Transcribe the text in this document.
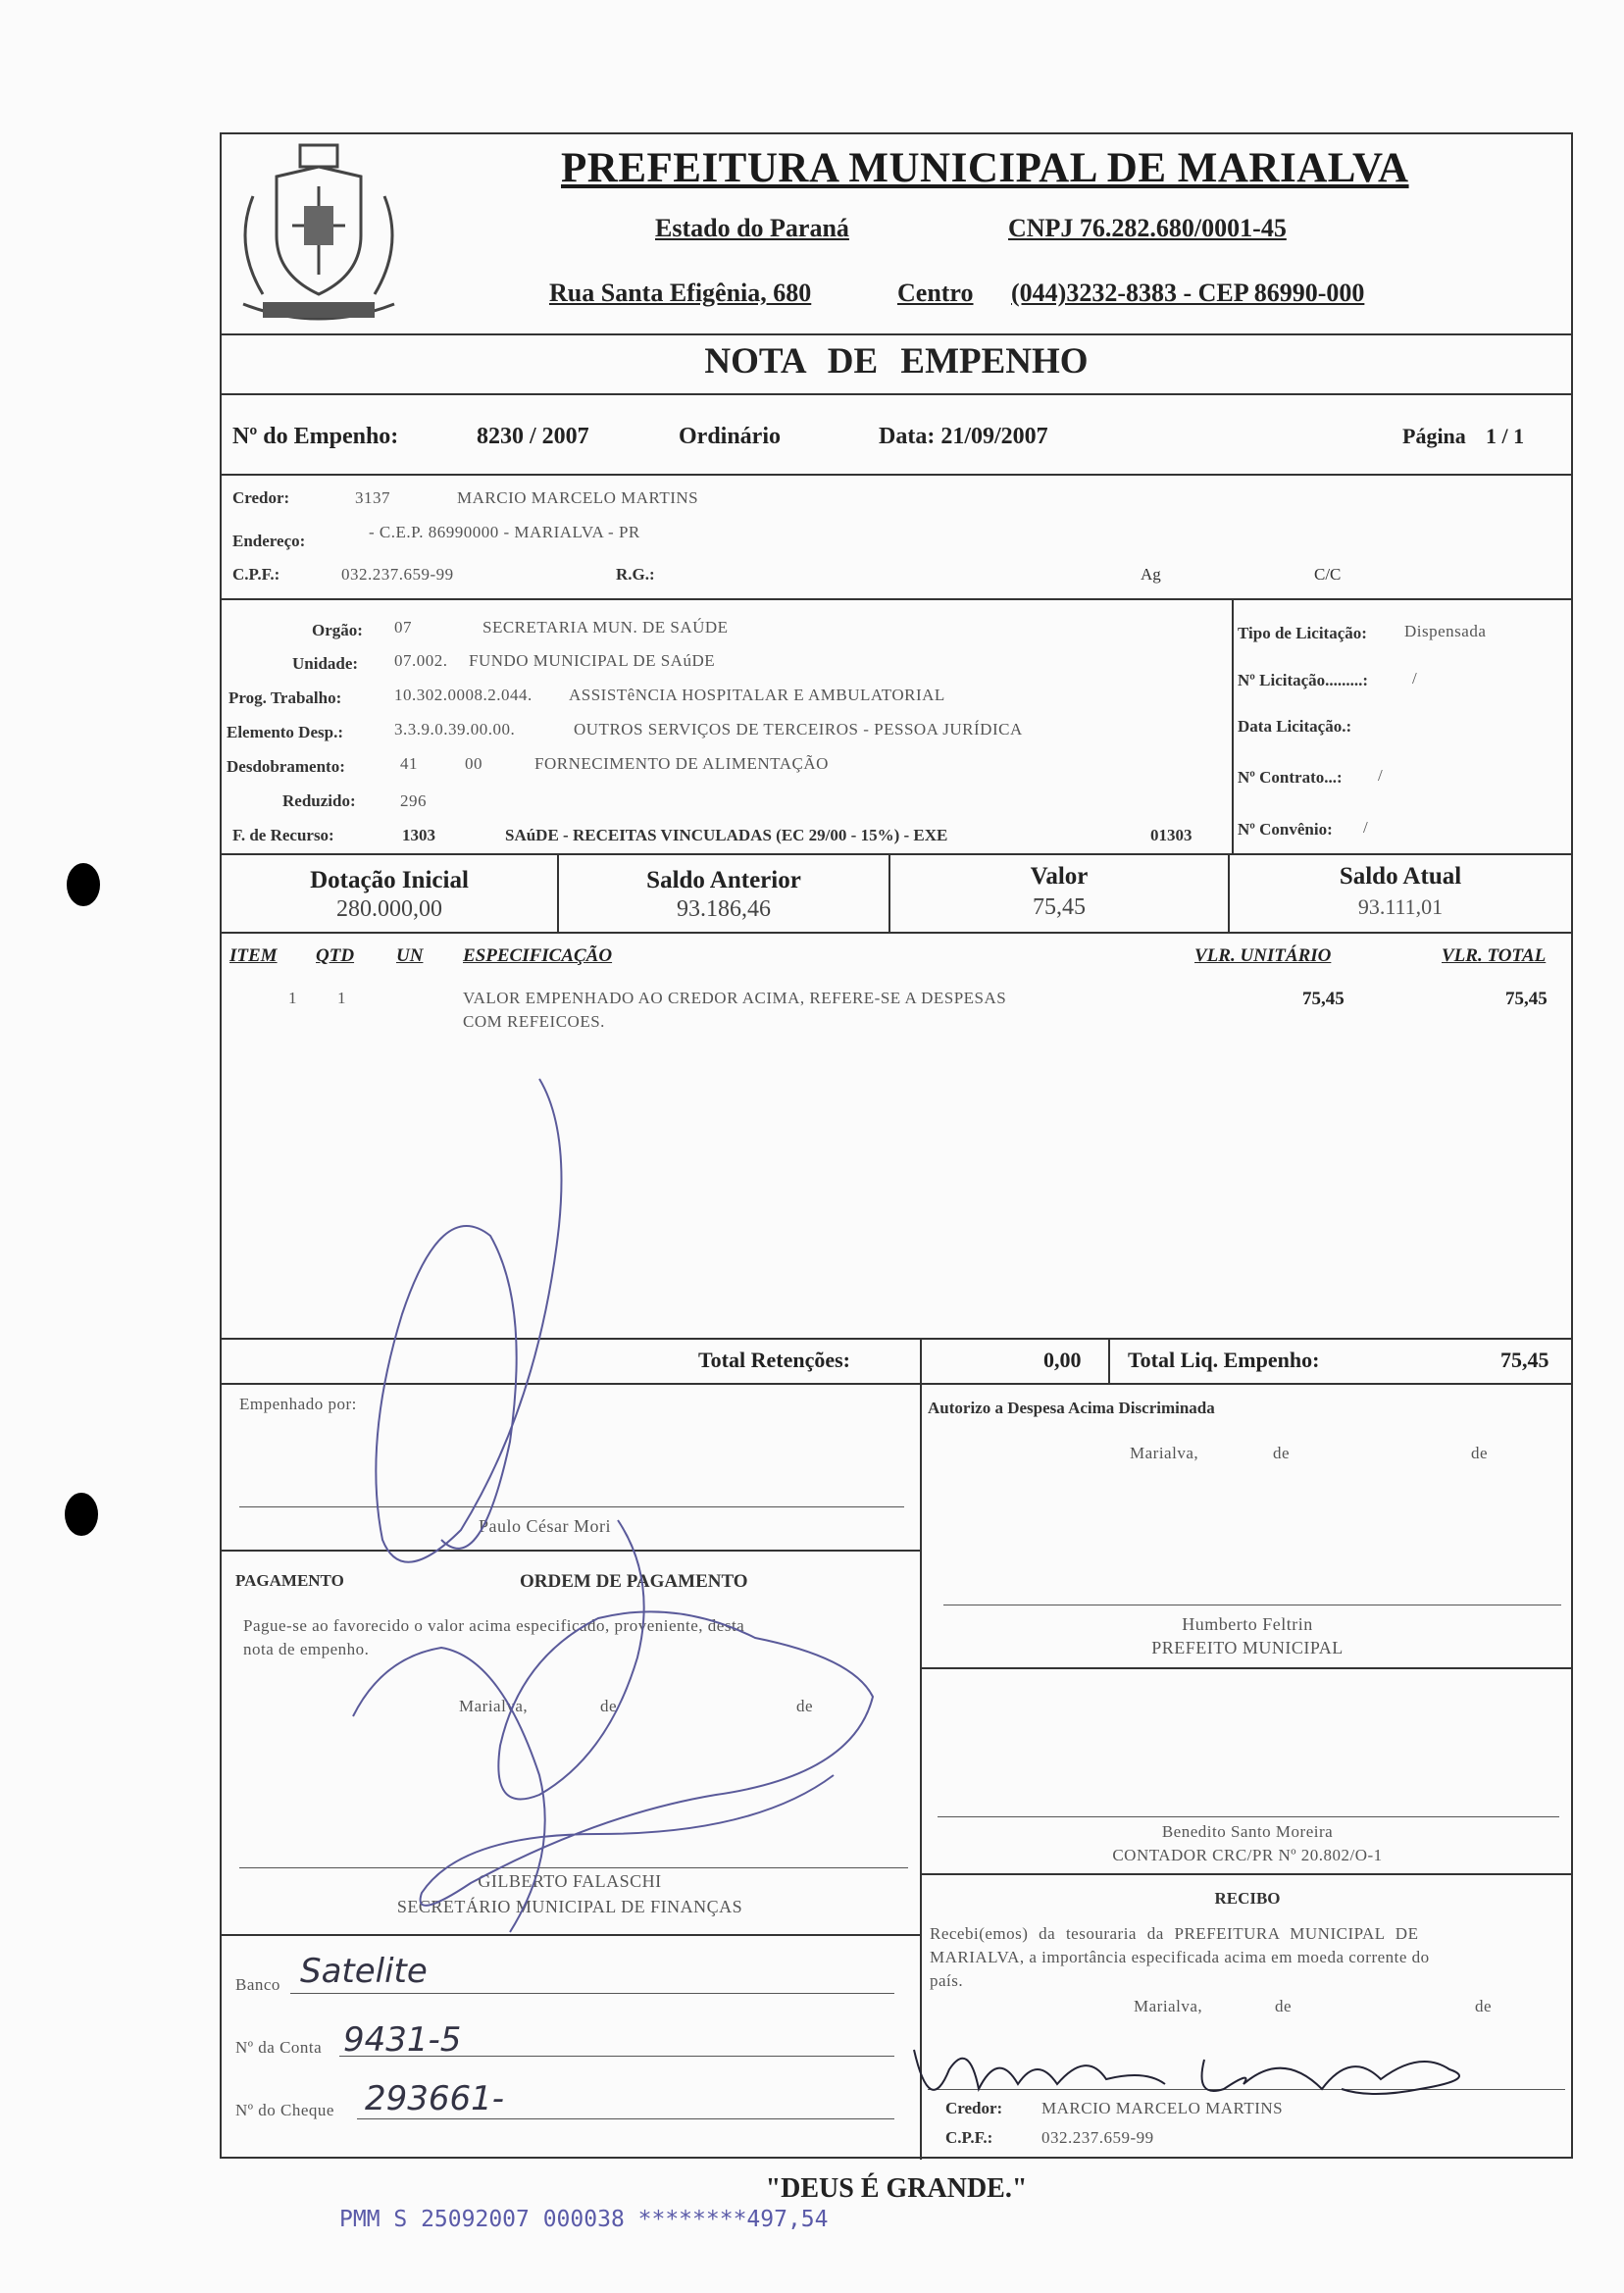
PREFEITURA MUNICIPAL DE MARIALVA
Estado do Paraná	CNPJ 76.282.680/0001-45
Rua Santa Efigênia, 680	Centro (044)3232-8383 - CEP 86990-000
NOTA DE EMPENHO
Nº do Empenho:	8230 / 2007	Ordinário	Data: 21/09/2007	Página 1 / 1
Credor:	3137	MARCIO MARCELO MARTINS
Endereço:	- C.E.P. 86990000 - MARIALVA - PR
C.P.F.:	032.237.659-99	R.G.:	Ag	C/C
Orgão: 07	SECRETARIA MUN. DE SAÚDE
Unidade: 07.002. FUNDO MUNICIPAL DE SAúDE
Prog. Trabalho:	10.302.0008.2.044. ASSISTêNCIA HOSPITALAR E AMBULATORIAL
Elemento Desp.:	3.3.9.0.39.00.00.	OUTROS SERVIÇOS DE TERCEIROS - PESSOA JURÍDICA
Desdobramento:	41	00	FORNECIMENTO DE ALIMENTAÇÃO
Reduzido:	296
F. de Recurso:	1303	SAúDE - RECEITAS VINCULADAS (EC 29/00 - 15%) - EXE	01303
Tipo de Licitação: Dispensada
Nº Licitação.........:	/
Data Licitação.:
Nº Contrato...: /
Nº Convênio: /
Dotação Inicial
280.000,00
Saldo Anterior
93.186,46
Valor
75,45
Saldo Atual
93.111,01
ITEM QTD UN ESPECIFICAÇÃO	VLR. UNITÁRIO	VLR. TOTAL
1 1	VALOR EMPENHADO AO CREDOR ACIMA, REFERE-SE A DESPESAS
COM REFEICOES.
75,45	75,45
Total Retenções:	0,00 Total Liq. Empenho:	75,45
Empenhado por:
Paulo César Mori
PAGAMENTO	ORDEM DE PAGAMENTO
Pague-se ao favorecido o valor acima especificado, proveniente, desta
nota de empenho.
Marialva,	de	de
GILBERTO FALASCHI
SECRETÁRIO MUNICIPAL DE FINANÇAS
Banco Satelite
Nº da Conta 9431-5
Nº do Cheque 293661-
Autorizo a Despesa Acima Discriminada
Marialva,	de	de
Humberto Feltrin
PREFEITO MUNICIPAL
Benedito Santo Moreira
CONTADOR CRC/PR Nº 20.802/O-1
RECIBO
Recebi(emos) da tesouraria da PREFEITURA MUNICIPAL DE
MARIALVA, a importância especificada acima em moeda corrente do
país.
Marialva,	de	de
Credor: MARCIO MARCELO MARTINS
C.P.F.:	032.237.659-99
"DEUS É GRANDE."
PMM S 25092007 000038 ********497,54
